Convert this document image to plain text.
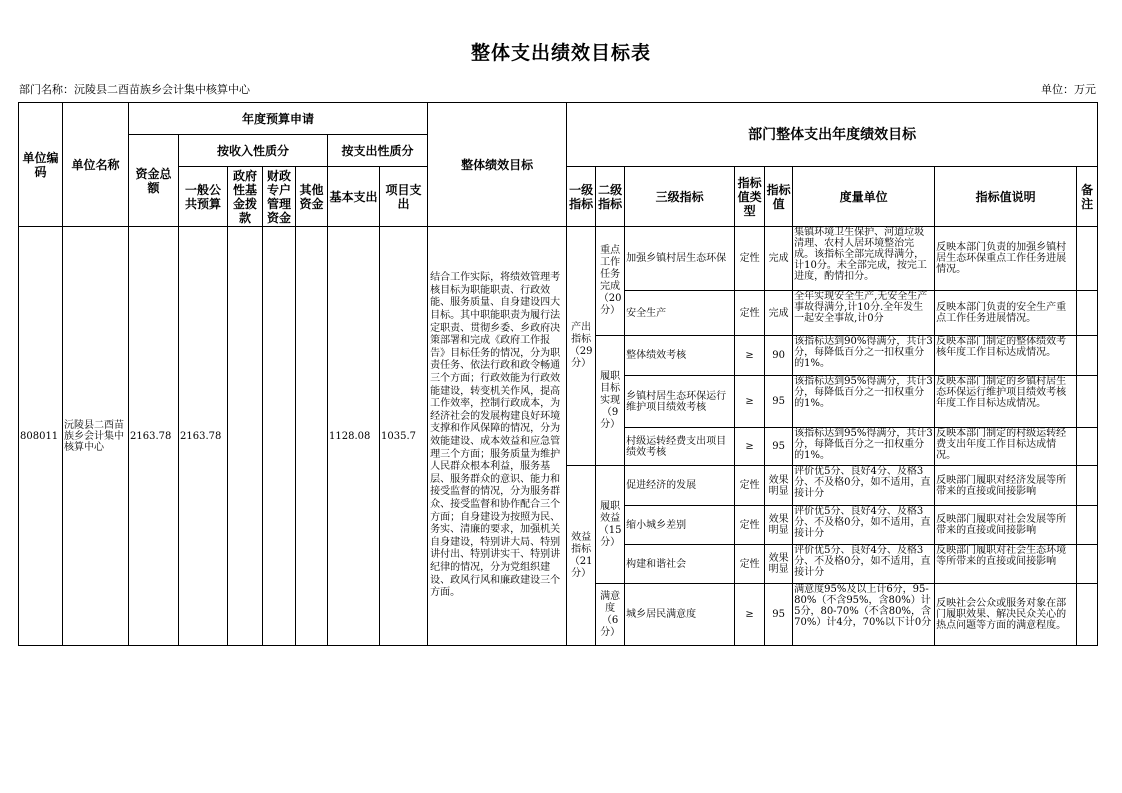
整体支出绩效目标表
部门名称：沅陵县二酉苗族乡会计集中核算中心	单位：万元
单位编码	单位名称	年度预算申请							整体绩效目标	部门整体支出年度绩效目标							
		资金总额	按收入性质分				按支出性质分										
			一般公共预算	政府性基金拨款	财政专户管理资金	其他资金	基本支出	项目支出		一级指标	二级指标	三级指标	指标值类型	指标值	度量单位	指标值说明	备注

808011	沅陵县二酉苗族乡会计集中核算中心	2163.78	2163.78				1128.08	1035.7	结合工作实际，将绩效管理考核目标为职能职责、行政效能、服务质量、自身建设四大目标。其中职能职责为履行法定职责、贯彻乡委、乡政府决策部署和完成《政府工作报告》目标任务的情况，分为职责任务、依法行政和政令畅通三个方面；行政效能为行政效能建设，转变机关作风，提高工作效率，控制行政成本，为经济社会的发展构建良好环境支撑和作风保障的情况，分为效能建设、成本效益和应急管理三个方面；服务质量为维护人民群众根本利益，服务基层、服务群众的意识、能力和接受监督的情况，分为服务群众、接受监督和协作配合三个方面；自身建设为按照为民、务实、清廉的要求，加强机关自身建设，特别讲大局、特别讲付出、特别讲实干、特别讲纪律的情况，分为党组织建设、政风行风和廉政建设三个方面。	产出指标（29分）	重点工作任务完成（20分）	加强乡镇村居生态环保	定性	完成	集镇环境卫生保护、河道垃圾清理、农村人居环境整治完成。该指标全部完成得满分，计10分。未全部完成，按完工进度，酌情扣分。	反映本部门负责的加强乡镇村居生态环保重点工作任务进展情况。	
												安全生产	定性	完成	全年实现安全生产,无安全生产事故得满分,计10分.全年发生一起安全事故,计0分	反映本部门负责的安全生产重点工作任务进展情况。	
											履职目标实现（9分）	整体绩效考核	≥	90	该指标达到90%得满分，共计3分，每降低百分之一扣权重分的1%。	反映本部门制定的整体绩效考核年度工作目标达成情况。	

												乡镇村居生态环保运行维护项目绩效考核	≥	95	该指标达到95%得满分，共计3分，每降低百分之一扣权重分的1%。	反映本部门制定的乡镇村居生态环保运行维护项目绩效考核年度工作目标达成情况。	

												村级运转经费支出项目绩效考核	≥	95	该指标达到95%得满分，共计3分，每降低百分之一扣权重分的1%。	反映本部门制定的村级运转经费支出年度工作目标达成情况。	

										效益指标（21分）	履职效益（15分）	促进经济的发展	定性	效果明显	评价优5分、良好4分、及格3分、不及格0分，如不适用，直接计分	反映部门履职对经济发展等所带来的直接或间接影响	
												缩小城乡差别	定性	效果明显	评价优5分、良好4分、及格3分、不及格0分，如不适用，直接计分	反映部门履职对社会发展等所带来的直接或间接影响	
												构建和谐社会	定性	效果明显	评价优5分、良好4分、及格3分、不及格0分，如不适用，直接计分	反映部门履职对社会生态环境等所带来的直接或间接影响	

											满意度（6分）	城乡居民满意度	≥	95	满意度95%及以上计6分，95-80%（不含95%，含80%）计5分，80-70%（不含80%，含70%）计4分，70%以下计0分	反映社会公众或服务对象在部门履职效果、解决民众关心的热点问题等方面的满意程度。	
